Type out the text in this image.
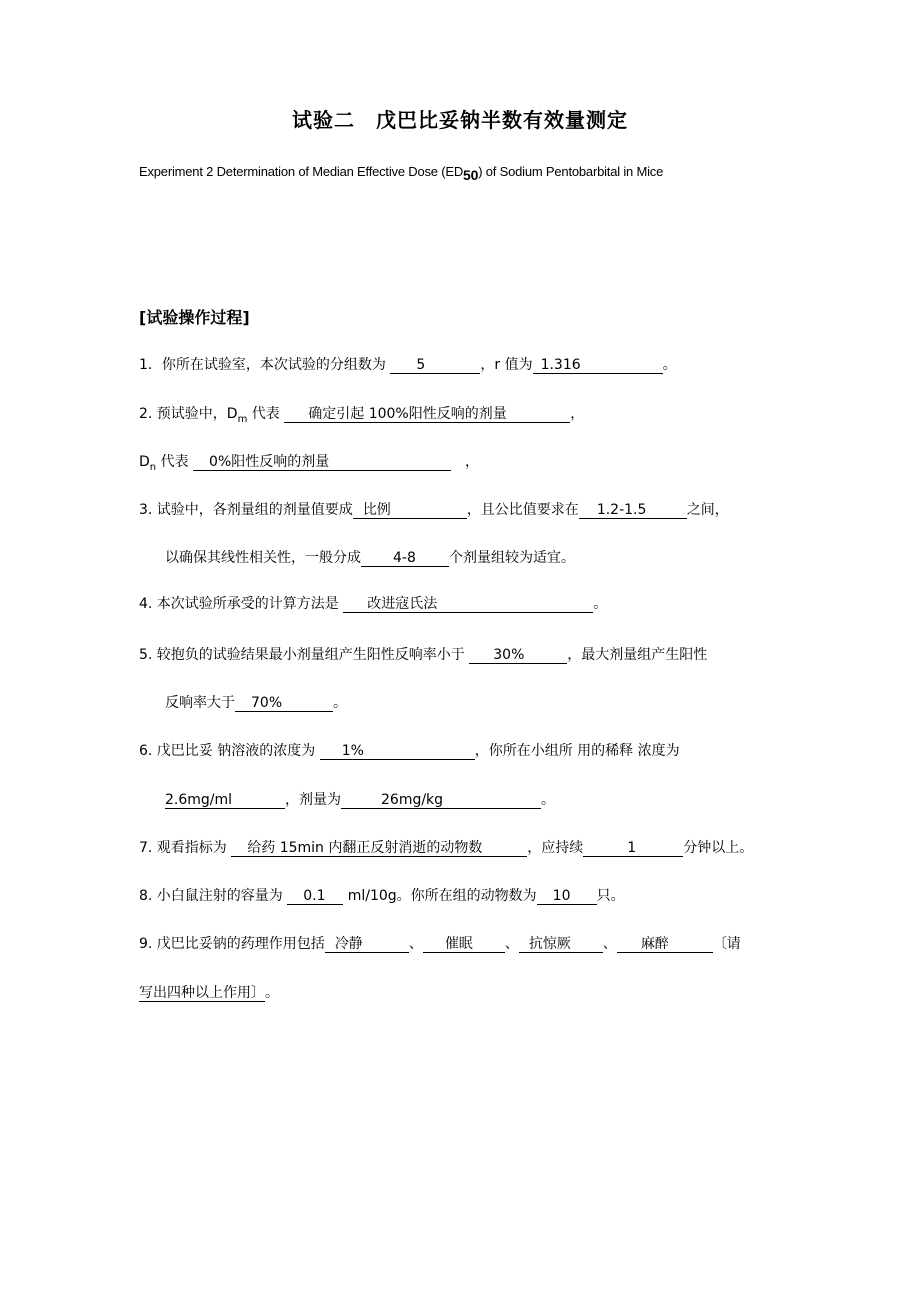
试验二　戊巴比妥钠半数有效量测定
Experiment 2 Determination of Median Effective Dose $(ED_{50})$ of Sodium Pentobarbital in Mice
[试验操作过程]
1．你所在试验室，本次试验的分组数为 5	，r 值为 1.316	。
2. 预试验中，$D_m$ 代表 确定引起 100%阳性反响的剂量	，
$D_n$ 代表 0%阳性反响的剂量	，
3. 试验中，各剂量组的剂量值要成 比例	，且公比值要求在 1.2-1.5	之间，
以确保其线性相关性，一般分成 4-8 个剂量组较为适宜。
4. 本次试验所承受的计算方法是 改进寇氏法	。
5. 较抱负的试验结果最小剂量组产生阳性反响率小于 30%	，最大剂量组产生阳性
反响率大于 70%	。
6. 戊巴比妥 钠溶液的浓度为 1%	，你所在小组所 用的稀释 浓度为
2.6mg/ml	，剂量为	26mg/kg	。
7. 观看指标为 给药 15min 内翻正反射消逝的动物数	，应持续	1	分钟以上。
8. 小白鼠注射的容量为 0.1 ml/10g。你所在组的动物数为 10 只。
9. 戊巴比妥钠的药理作用包括 冷静	、 催眠 、 抗惊厥 、 麻醉	〔请
写出四种以上作用〕。
